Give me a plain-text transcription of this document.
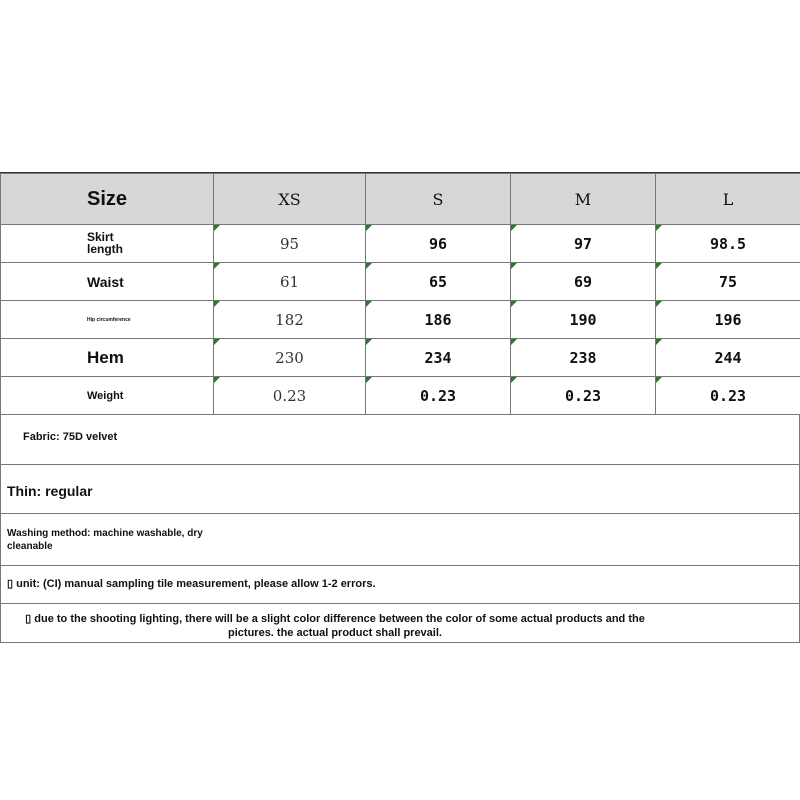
Size	XS	S	M	L
Skirt length	95	96	97	98.5
Waist	61	65	69	75
Hip circumference	182	186	190	196
Hem	230	234	238	244
Weight	0.23	0.23	0.23	0.23
Fabric: 75D velvet
Thin: regular
Washing method: machine washable, dry cleanable
▯ unit: (CI) manual sampling tile measurement, please allow 1-2 errors.
▯ due to the shooting lighting, there will be a slight color difference between the color of some actual products and the pictures. the actual product shall prevail.
